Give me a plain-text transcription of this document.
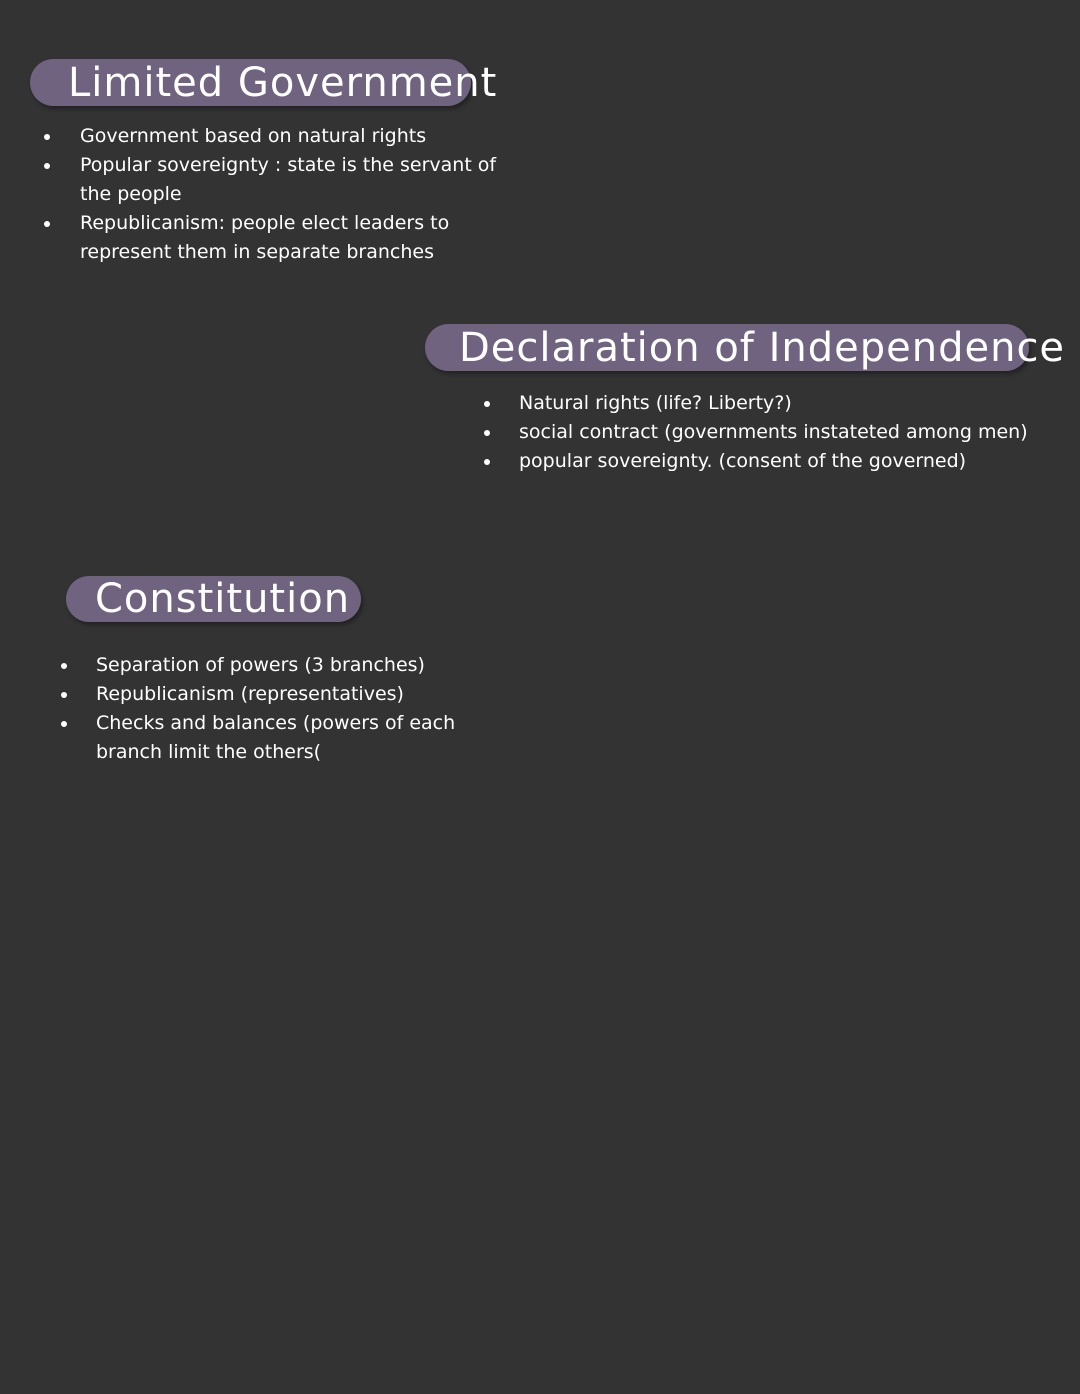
Limited Government
Government based on natural rights
Popular sovereignty : state is the servant of the people
Republicanism: people elect leaders to represent them in separate branches
Declaration of Independence
Natural rights (life? Liberty?)
social contract (governments instateted among men)
popular sovereignty. (consent of the governed)
Constitution
Separation of powers (3 branches)
Republicanism (representatives)
Checks and balances (powers of each branch limit the others(
